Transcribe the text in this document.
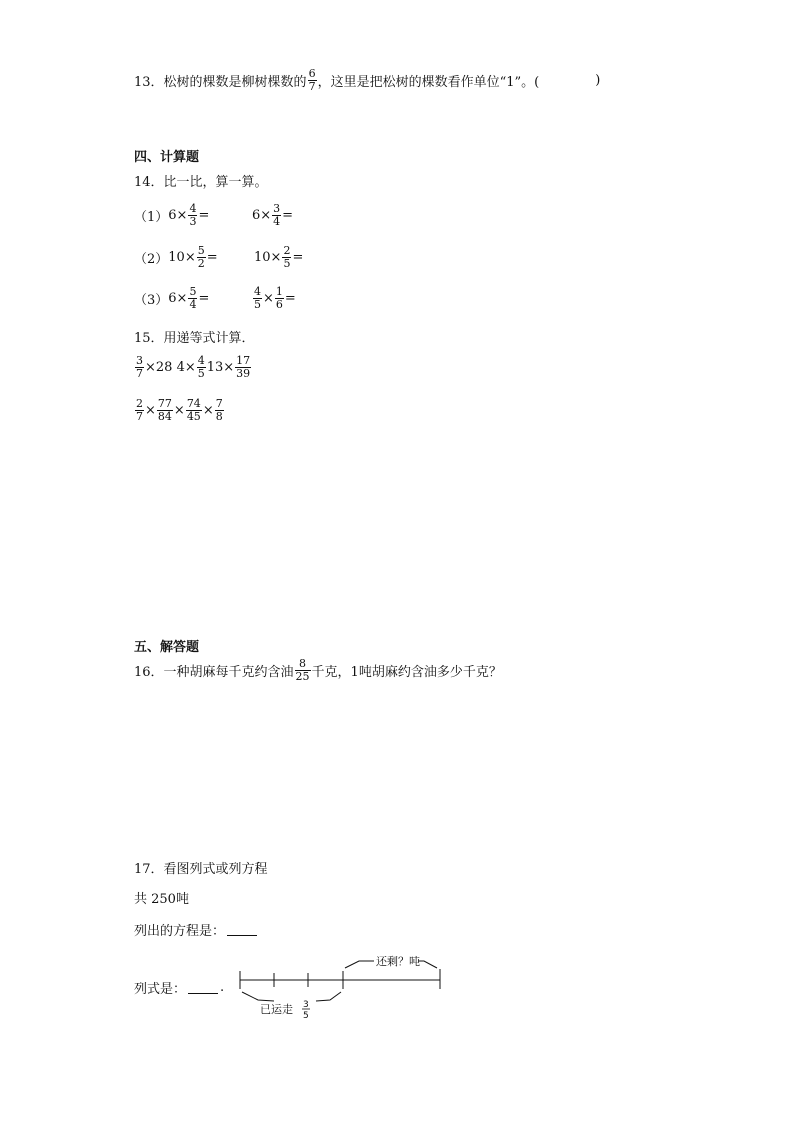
13．松树的棵数是柳树棵数的 $\frac{6}{7}$ ，这里是把松树的棵数看作单位“1”。(	)
四、计算题
14．比一比，算一算。
（1） $6\times \frac{4}{3}$ =	$6\times \frac{3}{4}$ =
（2） $10\times \frac{5}{2}$ =	$10\times \frac{2}{5}$ =
（3） $6\times \frac{5}{4}$ =	$\frac{4}{5} \times \frac{1}{6}$ =
15．用递等式计算．
$\frac{3}{7} \times 28$ $4\times \frac{4}{5} 13\times \frac{17}{39}$
$\frac{2}{7} \times \frac{77}{84} \times \frac{74}{45} \times \frac{7}{8}$
五、解答题
16．一种胡麻每千克约含油 $\frac{8}{25}$ 千克，1吨胡麻约含油多少千克？
17．看图列式或列方程
共 250吨
列出的方程是：
列式是：	.
还剩？吨
已运走 3
5
